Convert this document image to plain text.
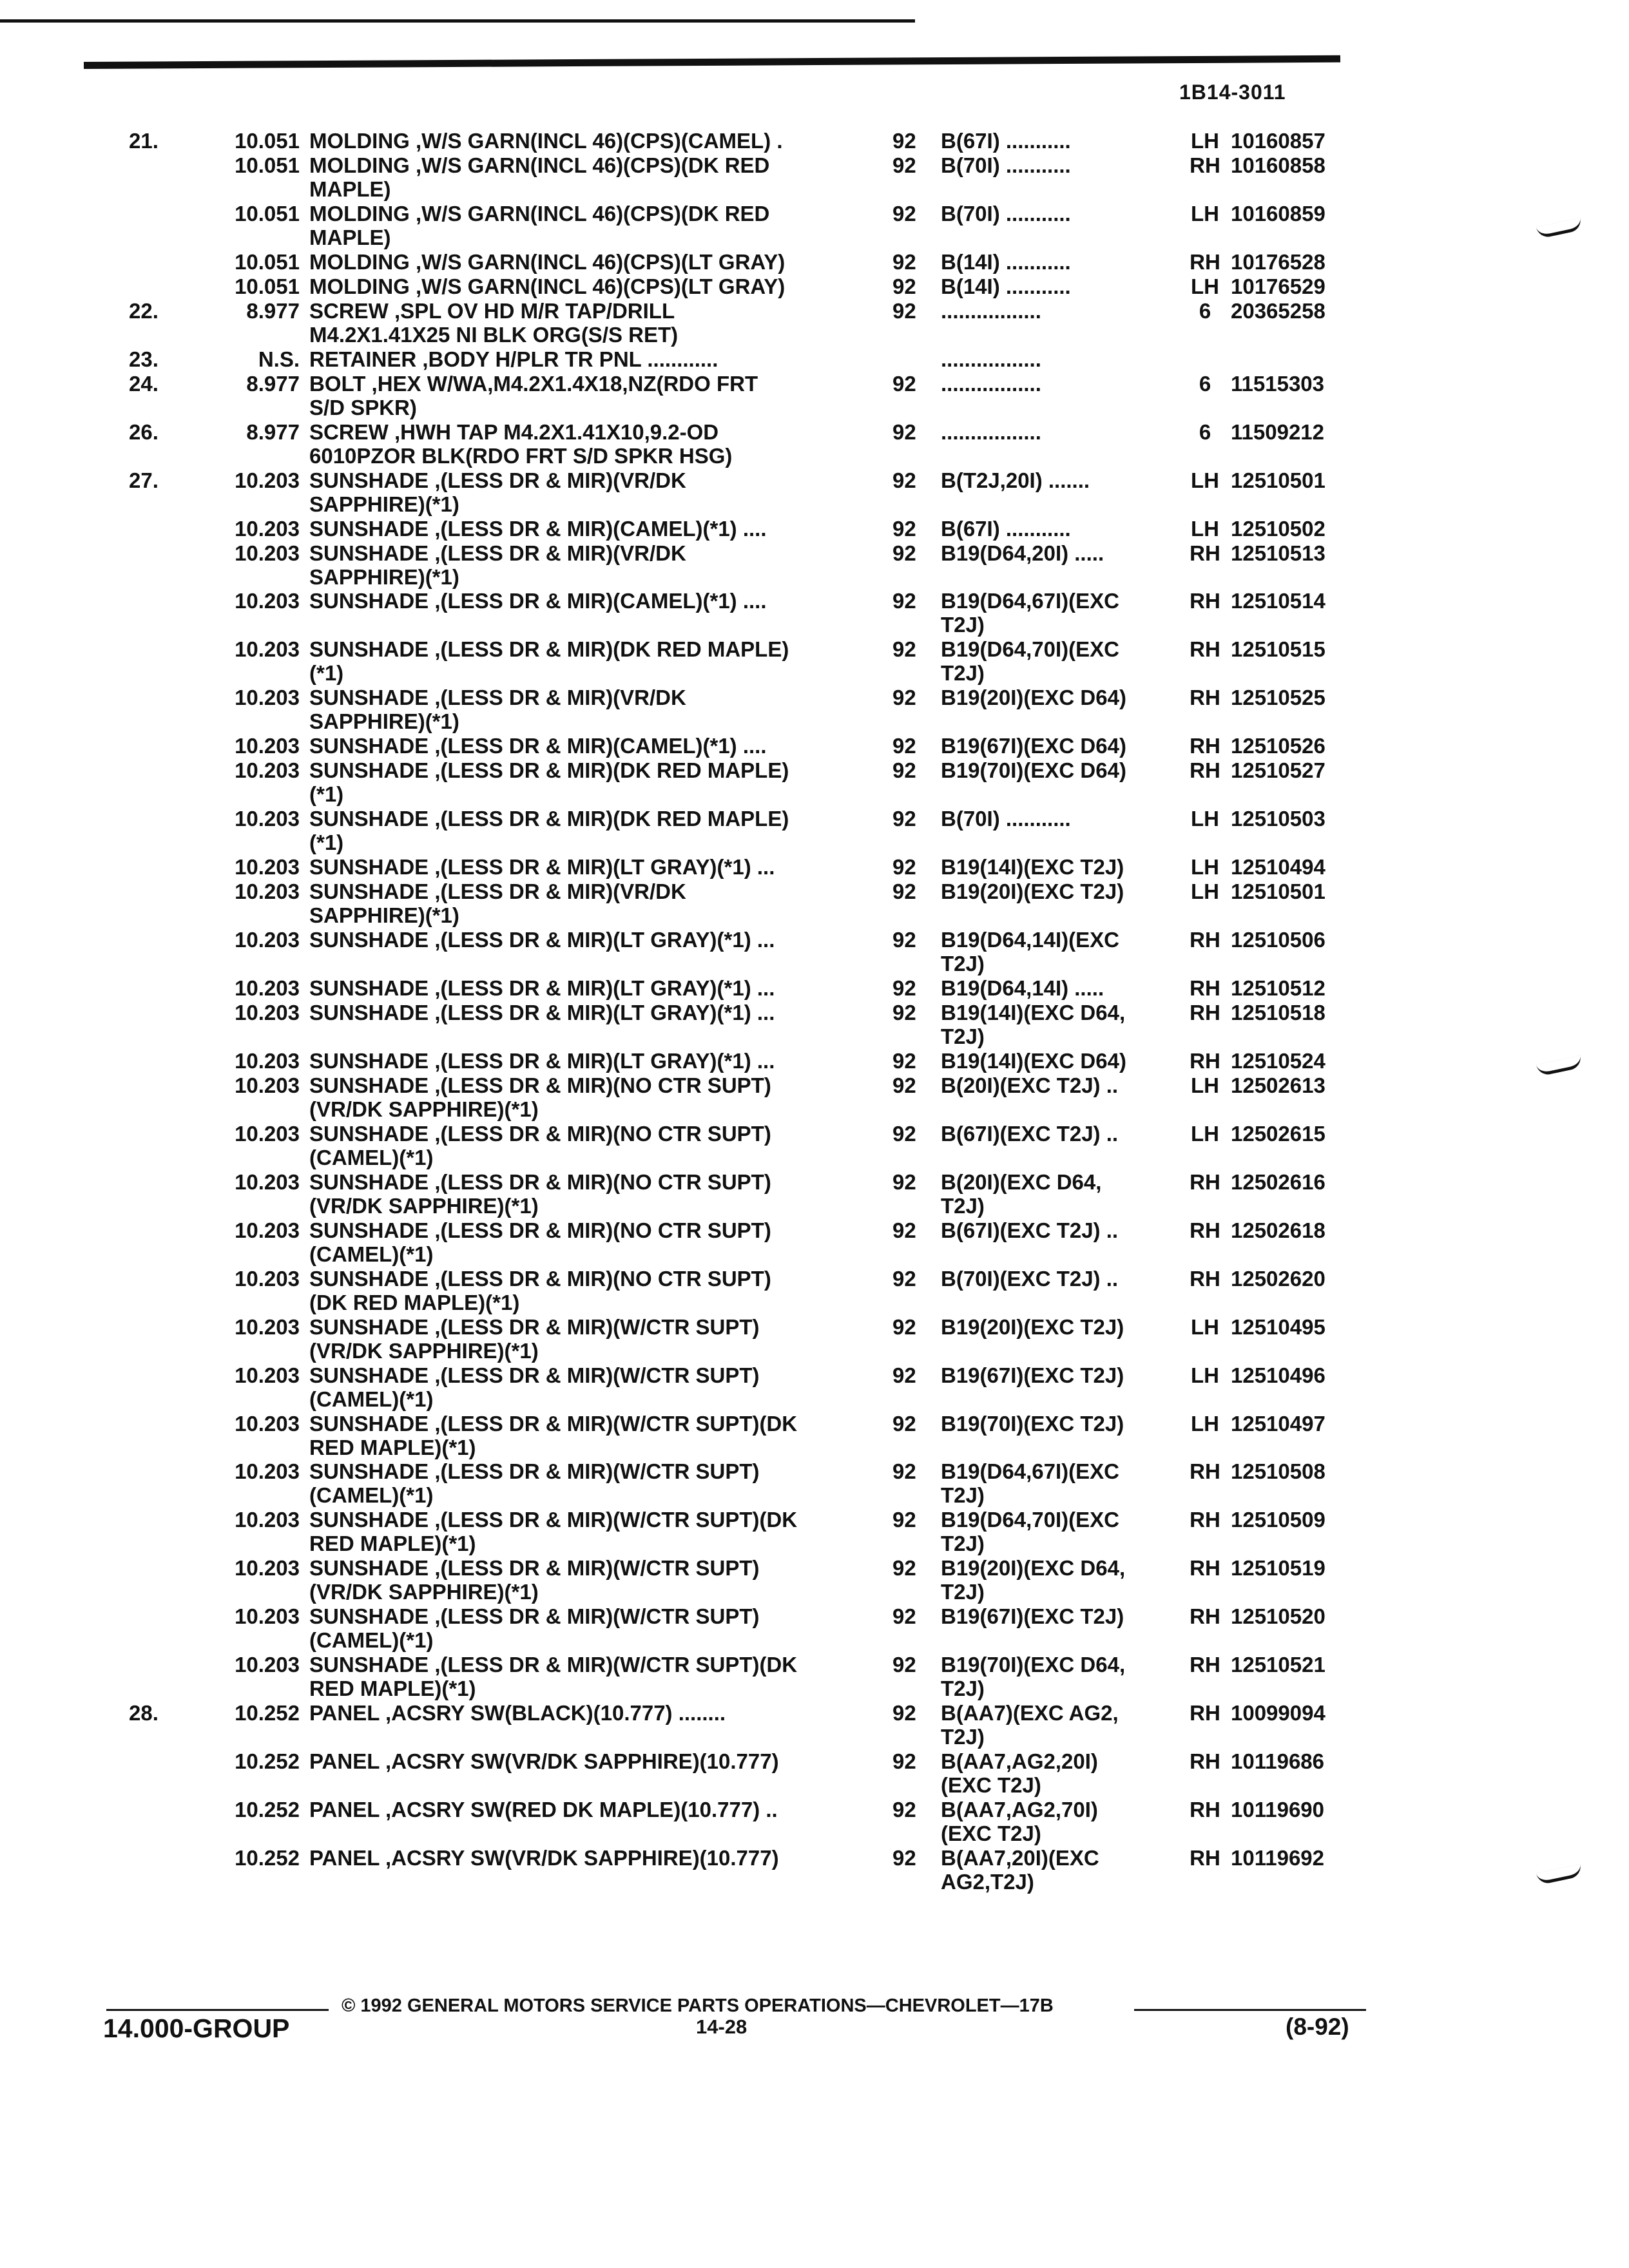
1B14-3011
21.	10.051 MOLDING ,W/S GARN(INCL 46)(CPS)(CAMEL) .	92	B(67I) ...........	LH 10160857
10.051 MOLDING ,W/S GARN(INCL 46)(CPS)(DK RED
MAPLE)
92	B(70I) ...........	RH 10160858
10.051 MOLDING ,W/S GARN(INCL 46)(CPS)(DK RED
MAPLE)
92	B(70I) ...........	LH 10160859
10.051 MOLDING ,W/S GARN(INCL 46)(CPS)(LT GRAY)	92	B(14I) ...........	RH 10176528
10.051 MOLDING ,W/S GARN(INCL 46)(CPS)(LT GRAY)	92	B(14I) ...........	LH 10176529
22.	8.977 SCREW ,SPL OV HD M/R TAP/DRILL
M4.2X1.41X25 NI BLK ORG(S/S RET)
92	.................	6 20365258
23.	N.S. RETAINER ,BODY H/PLR TR PNL ............	.................
24.	8.977 BOLT ,HEX W/WA,M4.2X1.4X18,NZ(RDO FRT
S/D SPKR)
92	.................	6 11515303
26.	8.977 SCREW ,HWH TAP M4.2X1.41X10,9.2-OD
6010PZOR BLK(RDO FRT S/D SPKR HSG)
92	.................	6 11509212
27.	10.203 SUNSHADE ,(LESS DR & MIR)(VR/DK
SAPPHIRE)(*1)
92	B(T2J,20I) .......	LH 12510501
10.203 SUNSHADE ,(LESS DR & MIR)(CAMEL)(*1) ....	92	B(67I) ...........	LH 12510502
10.203 SUNSHADE ,(LESS DR & MIR)(VR/DK
SAPPHIRE)(*1)
92	B19(D64,20I) .....	RH 12510513
10.203 SUNSHADE ,(LESS DR & MIR)(CAMEL)(*1) ....	92	B19(D64,67I)(EXC
T2J)
RH 12510514
10.203 SUNSHADE ,(LESS DR & MIR)(DK RED MAPLE)
(*1)
92	B19(D64,70I)(EXC
T2J)
RH 12510515
10.203 SUNSHADE ,(LESS DR & MIR)(VR/DK
SAPPHIRE)(*1)
92	B19(20I)(EXC D64)	RH 12510525
10.203 SUNSHADE ,(LESS DR & MIR)(CAMEL)(*1) ....	92	B19(67I)(EXC D64)	RH 12510526
10.203 SUNSHADE ,(LESS DR & MIR)(DK RED MAPLE)
(*1)
92	B19(70I)(EXC D64)	RH 12510527
10.203 SUNSHADE ,(LESS DR & MIR)(DK RED MAPLE)
(*1)
92	B(70I) ...........	LH 12510503
10.203 SUNSHADE ,(LESS DR & MIR)(LT GRAY)(*1) ...	92	B19(14I)(EXC T2J)	LH 12510494
10.203 SUNSHADE ,(LESS DR & MIR)(VR/DK
SAPPHIRE)(*1)
92	B19(20I)(EXC T2J)	LH 12510501
10.203 SUNSHADE ,(LESS DR & MIR)(LT GRAY)(*1) ...	92	B19(D64,14I)(EXC
T2J)
RH 12510506
10.203 SUNSHADE ,(LESS DR & MIR)(LT GRAY)(*1) ...	92	B19(D64,14I) .....	RH 12510512
10.203 SUNSHADE ,(LESS DR & MIR)(LT GRAY)(*1) ...	92	B19(14I)(EXC D64,
T2J)
RH 12510518
10.203 SUNSHADE ,(LESS DR & MIR)(LT GRAY)(*1) ...	92	B19(14I)(EXC D64)	RH 12510524
10.203 SUNSHADE ,(LESS DR & MIR)(NO CTR SUPT)
(VR/DK SAPPHIRE)(*1)
92	B(20I)(EXC T2J) ..	LH 12502613
10.203 SUNSHADE ,(LESS DR & MIR)(NO CTR SUPT)
(CAMEL)(*1)
92	B(67I)(EXC T2J) ..	LH 12502615
10.203 SUNSHADE ,(LESS DR & MIR)(NO CTR SUPT)
(VR/DK SAPPHIRE)(*1)
92	B(20I)(EXC D64,
T2J)
RH 12502616
10.203 SUNSHADE ,(LESS DR & MIR)(NO CTR SUPT)
(CAMEL)(*1)
92	B(67I)(EXC T2J) ..	RH 12502618
10.203 SUNSHADE ,(LESS DR & MIR)(NO CTR SUPT)
(DK RED MAPLE)(*1)
92	B(70I)(EXC T2J) ..	RH 12502620
10.203 SUNSHADE ,(LESS DR & MIR)(W/CTR SUPT)
(VR/DK SAPPHIRE)(*1)
92	B19(20I)(EXC T2J)	LH 12510495
10.203 SUNSHADE ,(LESS DR & MIR)(W/CTR SUPT)
(CAMEL)(*1)
92	B19(67I)(EXC T2J)	LH 12510496
10.203 SUNSHADE ,(LESS DR & MIR)(W/CTR SUPT)(DK
RED MAPLE)(*1)
92	B19(70I)(EXC T2J)	LH 12510497
10.203 SUNSHADE ,(LESS DR & MIR)(W/CTR SUPT)
(CAMEL)(*1)
92	B19(D64,67I)(EXC
T2J)
RH 12510508
10.203 SUNSHADE ,(LESS DR & MIR)(W/CTR SUPT)(DK
RED MAPLE)(*1)
92	B19(D64,70I)(EXC
T2J)
RH 12510509
10.203 SUNSHADE ,(LESS DR & MIR)(W/CTR SUPT)
(VR/DK SAPPHIRE)(*1)
92	B19(20I)(EXC D64,
T2J)
RH 12510519
10.203 SUNSHADE ,(LESS DR & MIR)(W/CTR SUPT)
(CAMEL)(*1)
92	B19(67I)(EXC T2J)	RH 12510520
10.203 SUNSHADE ,(LESS DR & MIR)(W/CTR SUPT)(DK
RED MAPLE)(*1)
92	B19(70I)(EXC D64,
T2J)
RH 12510521
28.	10.252 PANEL ,ACSRY SW(BLACK)(10.777) ........	92	B(AA7)(EXC AG2,
T2J)
RH 10099094
10.252 PANEL ,ACSRY SW(VR/DK SAPPHIRE)(10.777)	92	B(AA7,AG2,20I)
(EXC T2J)
RH 10119686
10.252 PANEL ,ACSRY SW(RED DK MAPLE)(10.777) ..	92	B(AA7,AG2,70I)
(EXC T2J)
RH 10119690
10.252 PANEL ,ACSRY SW(VR/DK SAPPHIRE)(10.777)	92	B(AA7,20I)(EXC
AG2,T2J)
RH 10119692
© 1992 GENERAL MOTORS SERVICE PARTS OPERATIONS—CHEVROLET—17B
14.000-GROUP	14-28	(8-92)
